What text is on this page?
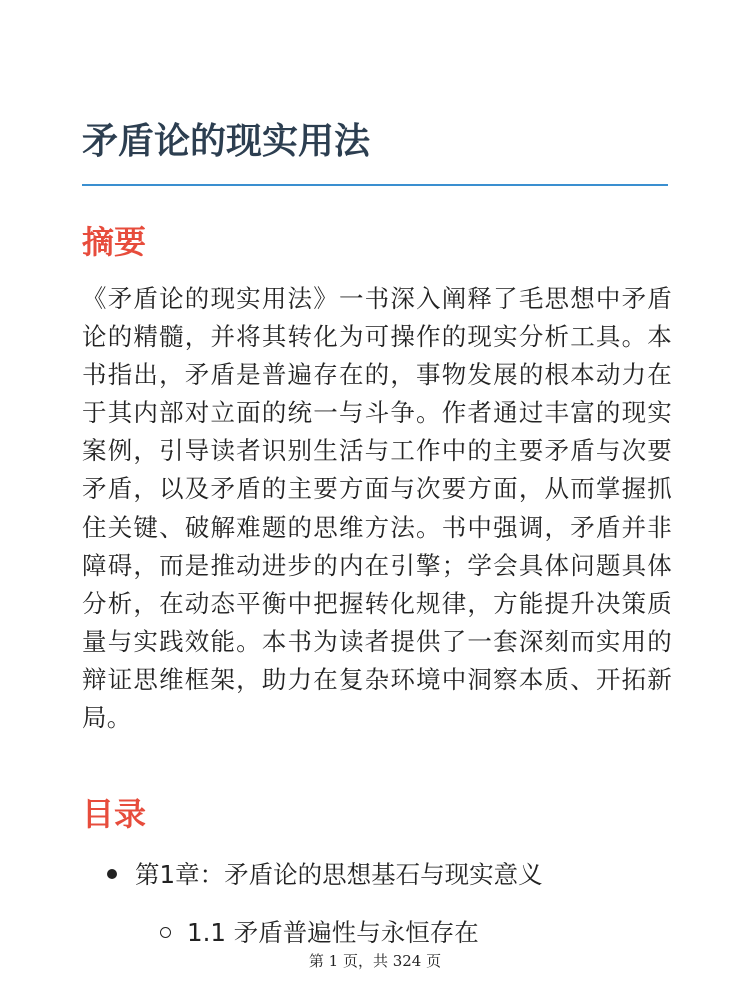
矛盾论的现实用法
摘要

《矛盾论的现实用法》一书深入阐释了毛思想中矛盾论的精髓，并将其转化为可操作的现实分析工具。本书指出，矛盾是普遍存在的，事物发展的根本动力在于其内部对立面的统一与斗争。作者通过丰富的现实案例，引导读者识别生活与工作中的主要矛盾与次要矛盾，以及矛盾的主要方面与次要方面，从而掌握抓住关键、破解难题的思维方法。书中强调，矛盾并非障碍，而是推动进步的内在引擎；学会具体问题具体分析，在动态平衡中把握转化规律，方能提升决策质量与实践效能。本书为读者提供了一套深刻而实用的辩证思维框架，助力在复杂环境中洞察本质、开拓新局。

目录
第1章：矛盾论的思想基石与现实意义
1.1 矛盾普遍性与永恒存在
第 1 页，共 324 页
